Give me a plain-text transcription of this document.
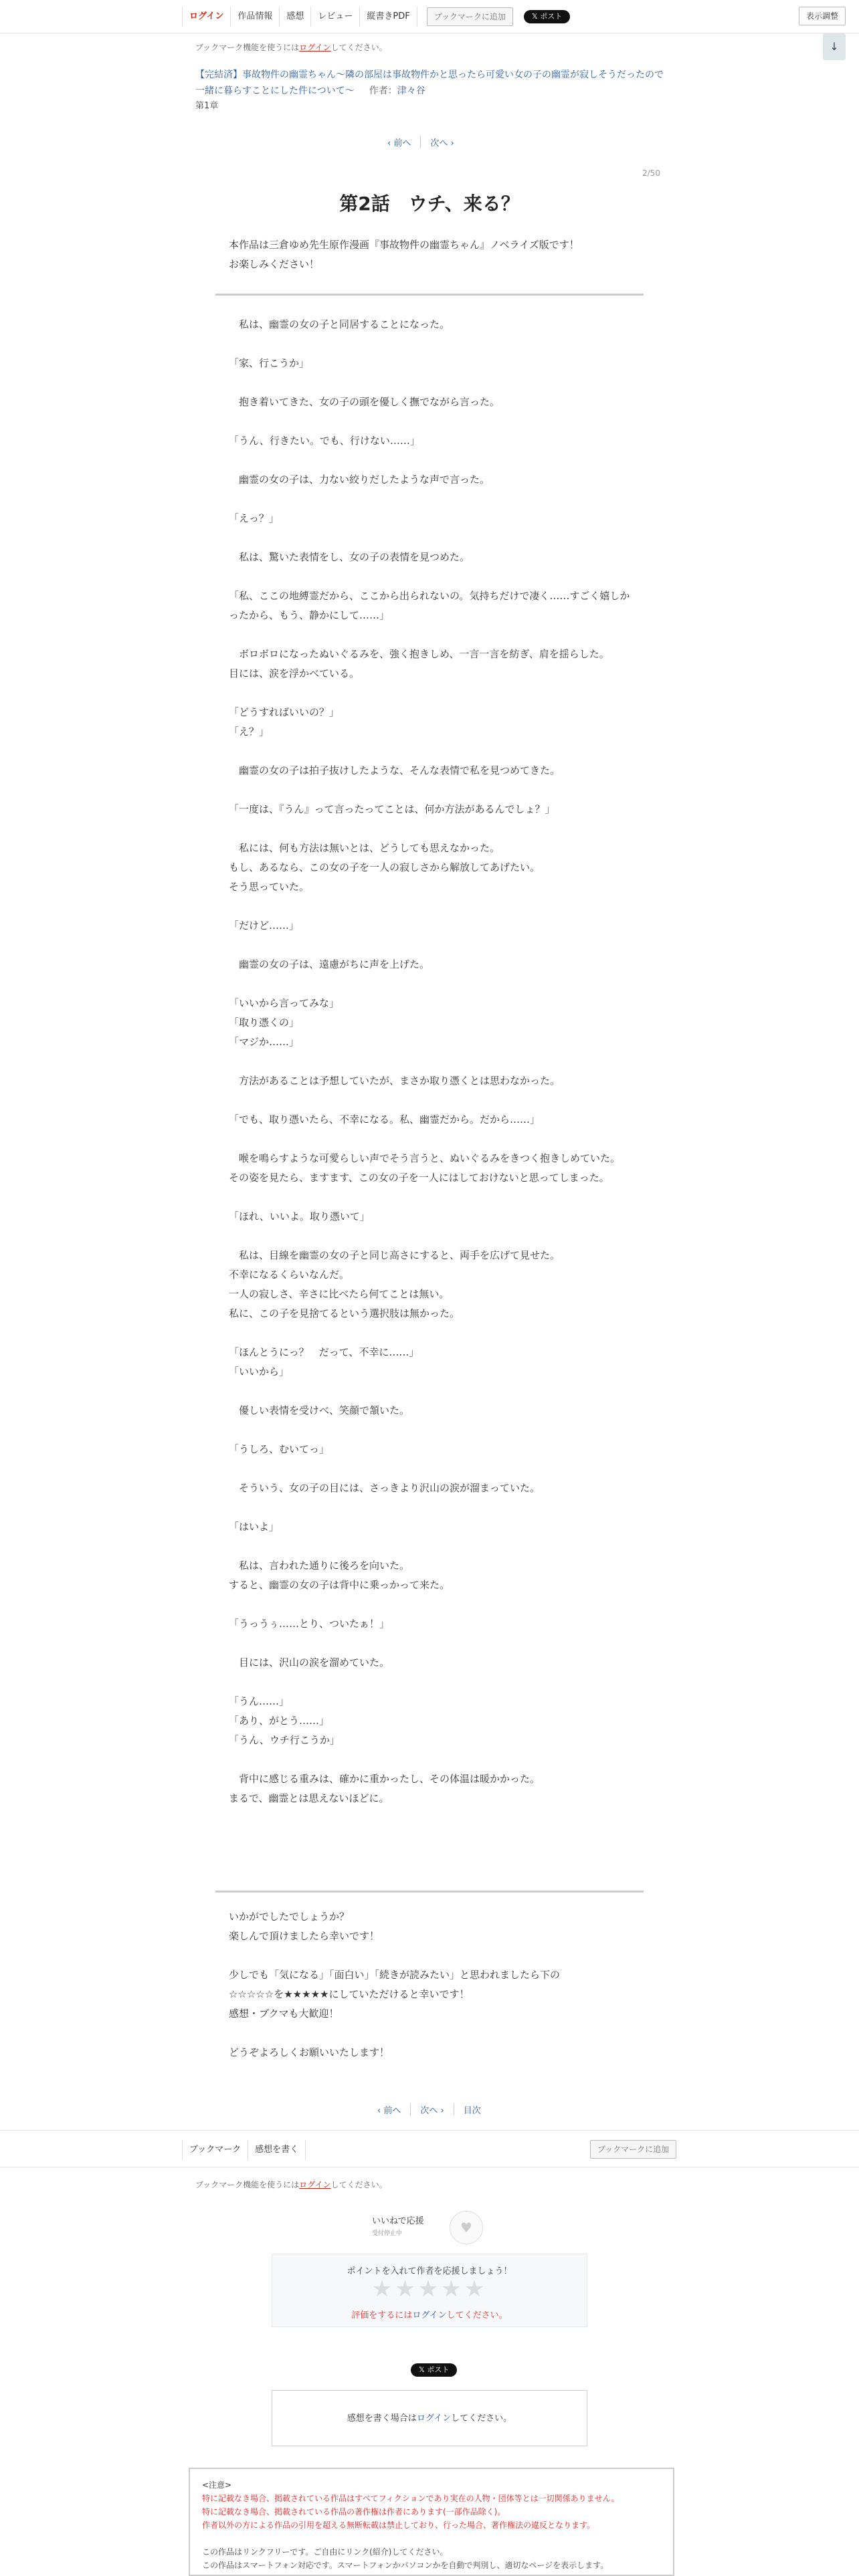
ログイン	作品情報	感想	レビュー	縦書きPDF	ブックマークに追加	𝕏 ポスト	表示調整
↓
ブックマーク機能を使うにはログインしてください。
【完結済】事故物件の幽霊ちゃん〜隣の部屋は事故物件かと思ったら可愛い女の子の幽霊が寂しそうだったので一緒に暮らすことにした件について〜 作者：津々谷
第1章
‹ 前へ	次へ ›
2/50
第2話　ウチ、来る？

本作品は三倉ゆめ先生原作漫画『事故物件の幽霊ちゃん』ノベライズ版です！

お楽しみください！

　私は、幽霊の女の子と同居することになった。

「家、行こうか」

　抱き着いてきた、女の子の頭を優しく撫でながら言った。

「うん、行きたい。でも、行けない……」

　幽霊の女の子は、力ない絞りだしたような声で言った。

「えっ？」

　私は、驚いた表情をし、女の子の表情を見つめた。

「私、ここの地縛霊だから、ここから出られないの。気持ちだけで凄く……すごく嬉しかったから、もう、静かにして……」

　ボロボロになったぬいぐるみを、強く抱きしめ、一言一言を紡ぎ、肩を揺らした。

目には、涙を浮かべている。

「どうすればいいの？」

「え？」

　幽霊の女の子は拍子抜けしたような、そんな表情で私を見つめてきた。

「一度は、『うん』って言ったってことは、何か方法があるんでしょ？」

　私には、何も方法は無いとは、どうしても思えなかった。

もし、あるなら、この女の子を一人の寂しさから解放してあげたい。

そう思っていた。

「だけど……」

　幽霊の女の子は、遠慮がちに声を上げた。

「いいから言ってみな」

「取り憑くの」

「マジか……」

　方法があることは予想していたが、まさか取り憑くとは思わなかった。

「でも、取り憑いたら、不幸になる。私、幽霊だから。だから……」

　喉を鳴らすような可愛らしい声でそう言うと、ぬいぐるみをきつく抱きしめていた。

その姿を見たら、ますます、この女の子を一人にはしておけないと思ってしまった。

「ほれ、いいよ。取り憑いて」

　私は、目線を幽霊の女の子と同じ高さにすると、両手を広げて見せた。

不幸になるくらいなんだ。

一人の寂しさ、辛さに比べたら何てことは無い。

私に、この子を見捨てるという選択肢は無かった。

「ほんとうにっ？　だって、不幸に……」

「いいから」

　優しい表情を受けべ、笑顔で頷いた。

「うしろ、むいてっ」

　そういう、女の子の目には、さっきより沢山の涙が溜まっていた。

「はいよ」

　私は、言われた通りに後ろを向いた。

すると、幽霊の女の子は背中に乗っかって来た。

「うっうぅ……とり、ついたぁ！」

　目には、沢山の涙を溜めていた。

「うん……」

「あり、がとう……」

「うん、ウチ行こうか」

　背中に感じる重みは、確かに重かったし、その体温は暖かかった。

まるで、幽霊とは思えないほどに。

いかがでしたでしょうか？

楽しんで頂けましたら幸いです！

少しでも「気になる」「面白い」「続きが読みたい」と思われましたら下の

☆☆☆☆☆を★★★★★にしていただけると幸いです！

感想・ブクマも大歓迎！

どうぞよろしくお願いいたします！

‹ 前へ	次へ ›	目次
ブックマーク	感想を書く	ブックマークに追加
ブックマーク機能を使うにはログインしてください。
いいねで応援
受付停止中	♥
ポイントを入れて作者を応援しましょう！
★★★★★
評価をするにはログインしてください。
𝕏 ポスト
感想を書く場合はログインしてください。
<注意>
特に記載なき場合、掲載されている作品はすべてフィクションであり実在の人物・団体等とは一切関係ありません。
特に記載なき場合、掲載されている作品の著作権は作者にあります(一部作品除く)。
作者以外の方による作品の引用を超える無断転載は禁止しており、行った場合、著作権法の違反となります。
この作品はリンクフリーです。ご自由にリンク(紹介)してください。
この作品はスマートフォン対応です。スマートフォンかパソコンかを自動で判別し、適切なページを表示します。
